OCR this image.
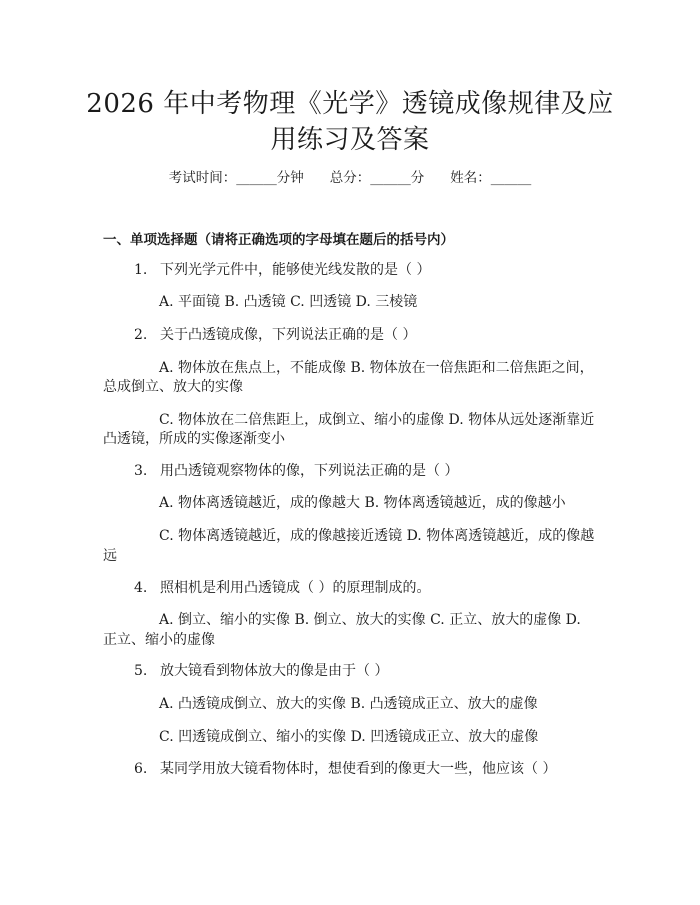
2026 年中考物理《光学》透镜成像规律及应
用练习及答案
考试时间：______分钟 总分：______分 姓名：______
一、单项选择题（请将正确选项的字母填在题后的括号内）
1. 下列光学元件中，能够使光线发散的是（ ）
A. 平面镜 B. 凸透镜 C. 凹透镜 D. 三棱镜
2. 关于凸透镜成像，下列说法正确的是（ ）
A. 物体放在焦点上，不能成像 B. 物体放在一倍焦距和二倍焦距之间，
总成倒立、放大的实像
C. 物体放在二倍焦距上，成倒立、缩小的虚像 D. 物体从远处逐渐靠近
凸透镜，所成的实像逐渐变小
3. 用凸透镜观察物体的像，下列说法正确的是（ ）
A. 物体离透镜越近，成的像越大 B. 物体离透镜越近，成的像越小
C. 物体离透镜越近，成的像越接近透镜 D. 物体离透镜越近，成的像越
远
4. 照相机是利用凸透镜成（ ）的原理制成的。
A. 倒立、缩小的实像 B. 倒立、放大的实像 C. 正立、放大的虚像 D.
正立、缩小的虚像
5. 放大镜看到物体放大的像是由于（ ）
A. 凸透镜成倒立、放大的实像 B. 凸透镜成正立、放大的虚像
C. 凹透镜成倒立、缩小的实像 D. 凹透镜成正立、放大的虚像
6. 某同学用放大镜看物体时，想使看到的像更大一些，他应该（ ）
